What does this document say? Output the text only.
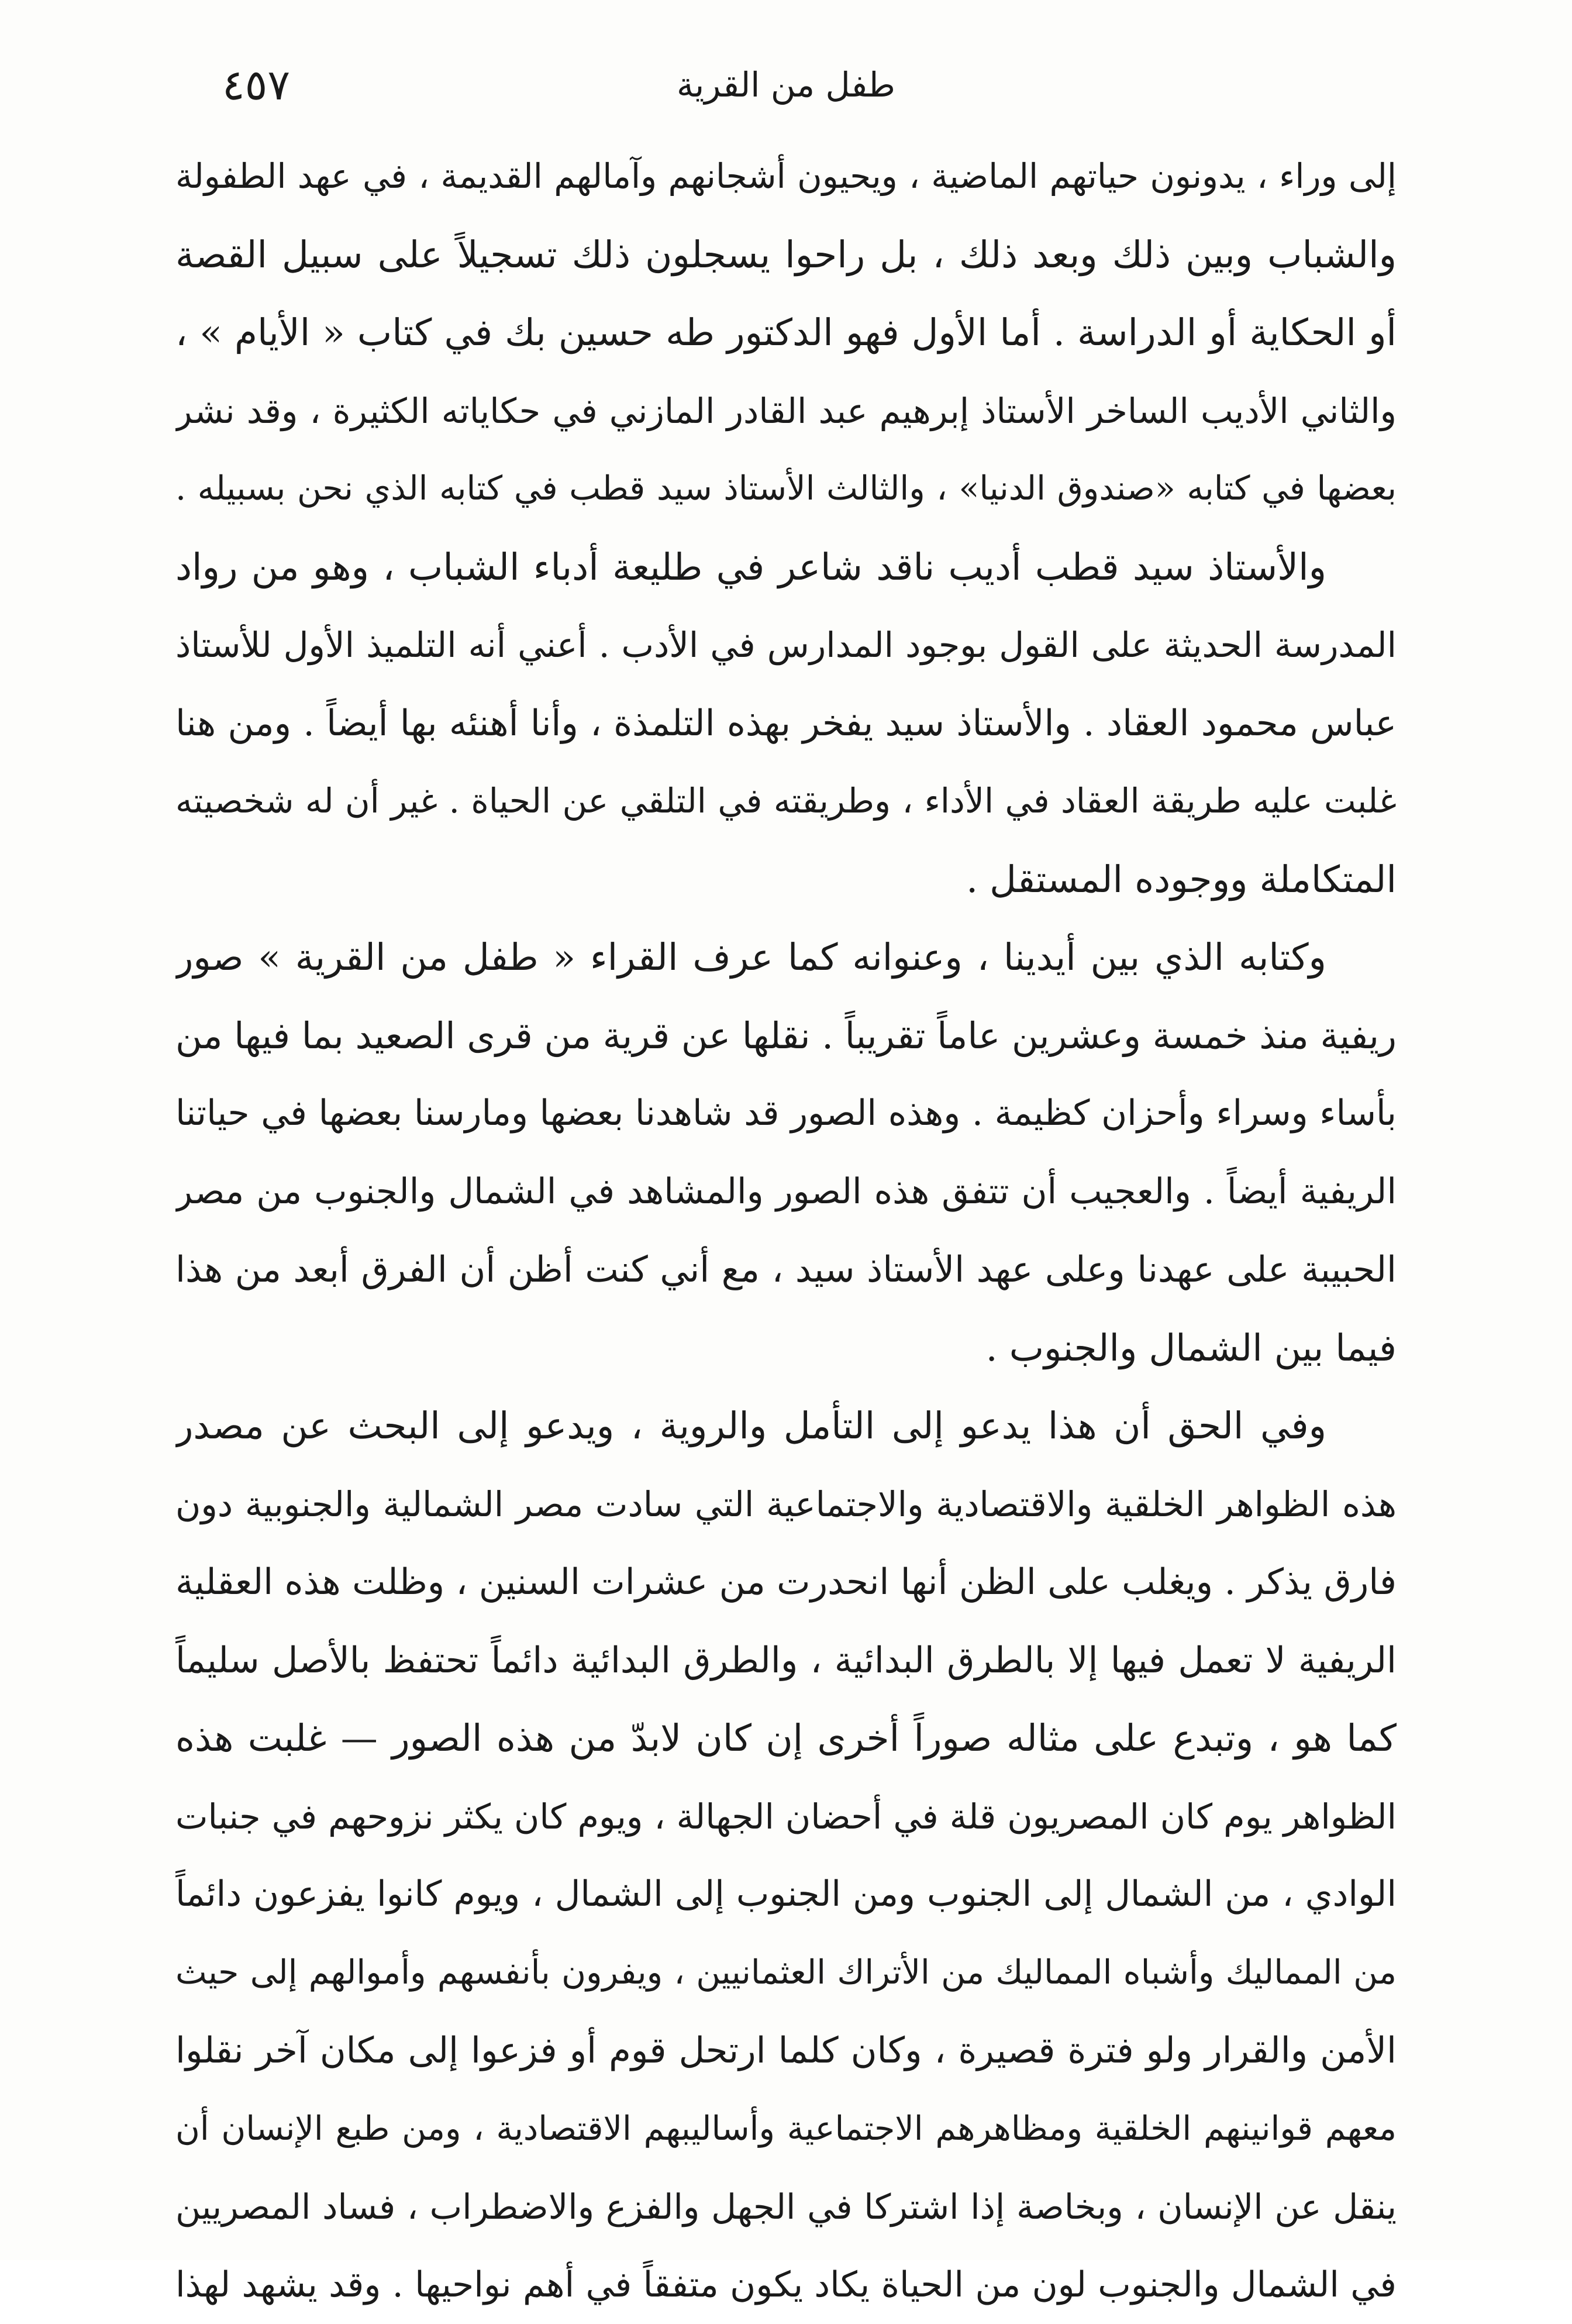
٤٥٧	طفل من القرية
إلى وراء ، يدونون حياتهم الماضية ، ويحيون أشجانهم وآمالهم القديمة ، في عهد الطفولة
والشباب وبين ذلك وبعد ذلك ، بل راحوا يسجلون ذلك تسجيلاً على سبيل القصة
أو الحكاية أو الدراسة . أما الأول فهو الدكتور طه حسين بك في كتاب « الأيام » ،
والثاني الأديب الساخر الأستاذ إبرهيم عبد القادر المازني في حكاياته الكثيرة ، وقد نشر
بعضها في كتابه «صندوق الدنيا» ، والثالث الأستاذ سيد قطب في كتابه الذي نحن بسبيله .
والأستاذ سيد قطب أديب ناقد شاعر في طليعة أدباء الشباب ، وهو من رواد
المدرسة الحديثة على القول بوجود المدارس في الأدب . أعني أنه التلميذ الأول للأستاذ
عباس محمود العقاد . والأستاذ سيد يفخر بهذه التلمذة ، وأنا أهنئه بها أيضاً . ومن هنا
غلبت عليه طريقة العقاد في الأداء ، وطريقته في التلقي عن الحياة . غير أن له شخصيته
المتكاملة ووجوده المستقل .
وكتابه الذي بين أيدينا ، وعنوانه كما عرف القراء « طفل من القرية » صور
ريفية منذ خمسة وعشرين عاماً تقريباً . نقلها عن قرية من قرى الصعيد بما فيها من
بأساء وسراء وأحزان كظيمة . وهذه الصور قد شاهدنا بعضها ومارسنا بعضها في حياتنا
الريفية أيضاً . والعجيب أن تتفق هذه الصور والمشاهد في الشمال والجنوب من مصر
الحبيبة على عهدنا وعلى عهد الأستاذ سيد ، مع أني كنت أظن أن الفرق أبعد من هذا
فيما بين الشمال والجنوب .
وفي الحق أن هذا يدعو إلى التأمل والروية ، ويدعو إلى البحث عن مصدر
هذه الظواهر الخلقية والاقتصادية والاجتماعية التي سادت مصر الشمالية والجنوبية دون
فارق يذكر . ويغلب على الظن أنها انحدرت من عشرات السنين ، وظلت هذه العقلية
الريفية لا تعمل فيها إلا بالطرق البدائية ، والطرق البدائية دائماً تحتفظ بالأصل سليماً
كما هو ، وتبدع على مثاله صوراً أخرى إن كان لابدّ من هذه الصور — غلبت هذه
الظواهر يوم كان المصريون قلة في أحضان الجهالة ، ويوم كان يكثر نزوحهم في جنبات
الوادي ، من الشمال إلى الجنوب ومن الجنوب إلى الشمال ، ويوم كانوا يفزعون دائماً
من المماليك وأشباه المماليك من الأتراك العثمانيين ، ويفرون بأنفسهم وأموالهم إلى حيث
الأمن والقرار ولو فترة قصيرة ، وكان كلما ارتحل قوم أو فزعوا إلى مكان آخر نقلوا
معهم قوانينهم الخلقية ومظاهرهم الاجتماعية وأساليبهم الاقتصادية ، ومن طبع الإنسان أن
ينقل عن الإنسان ، وبخاصة إذا اشتركا في الجهل والفزع والاضطراب ، فساد المصريين
في الشمال والجنوب لون من الحياة يكاد يكون متفقاً في أهم نواحيها . وقد يشهد لهذا
